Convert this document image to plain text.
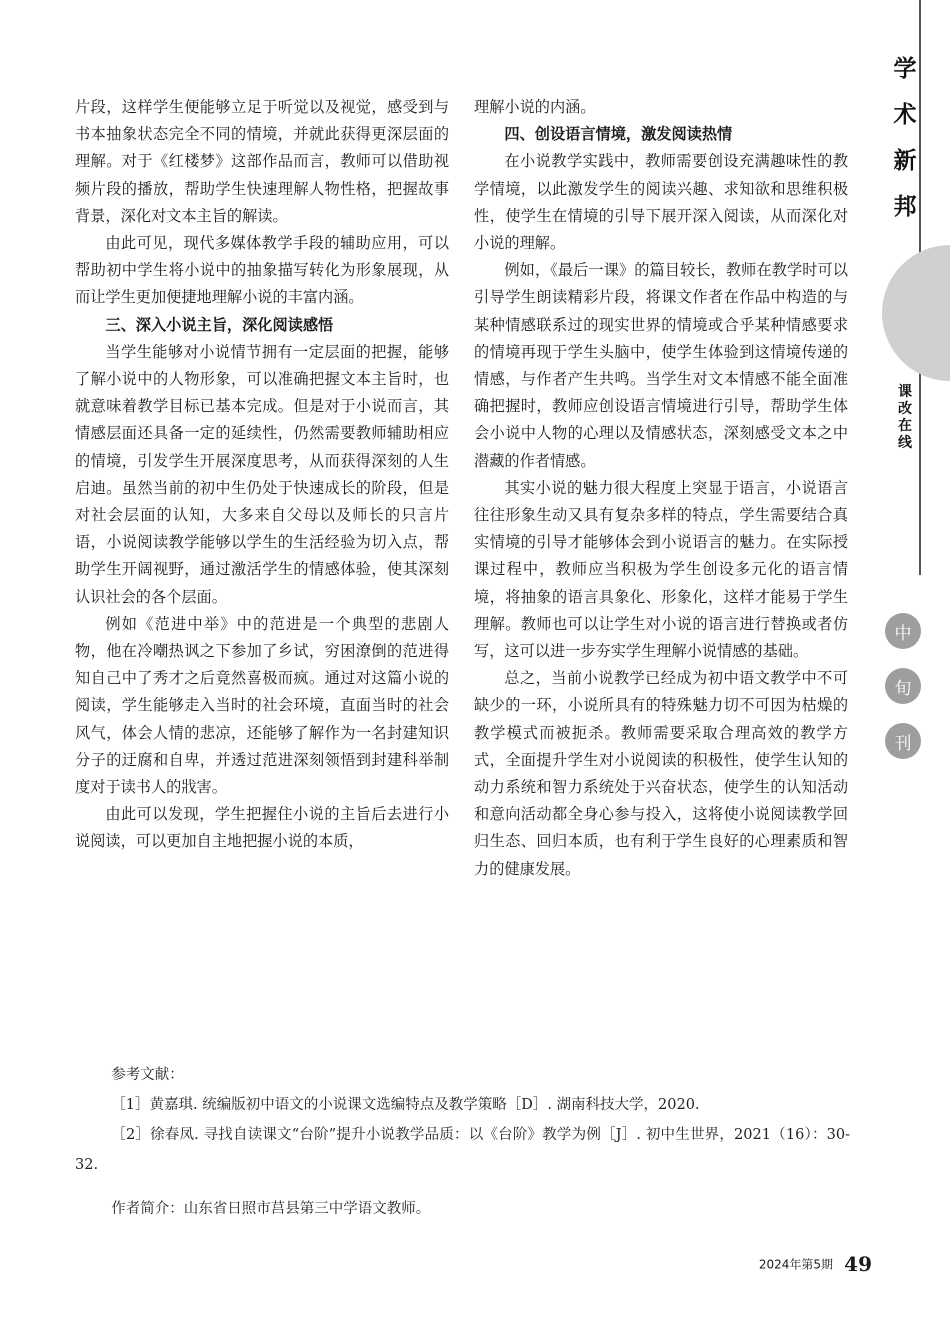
片段，这样学生便能够立足于听觉以及视觉，感受到与书本抽象状态完全不同的情境，并就此获得更深层面的理解。对于《红楼梦》这部作品而言，教师可以借助视频片段的播放，帮助学生快速理解人物性格，把握故事背景，深化对文本主旨的解读。

由此可见，现代多媒体教学手段的辅助应用，可以帮助初中学生将小说中的抽象描写转化为形象展现，从而让学生更加便捷地理解小说的丰富内涵。

三、深入小说主旨，深化阅读感悟

当学生能够对小说情节拥有一定层面的把握，能够了解小说中的人物形象，可以准确把握文本主旨时，也就意味着教学目标已基本完成。但是对于小说而言，其情感层面还具备一定的延续性，仍然需要教师辅助相应的情境，引发学生开展深度思考，从而获得深刻的人生启迪。虽然当前的初中生仍处于快速成长的阶段，但是对社会层面的认知，大多来自父母以及师长的只言片语，小说阅读教学能够以学生的生活经验为切入点，帮助学生开阔视野，通过激活学生的情感体验，使其深刻认识社会的各个层面。

例如《范进中举》中的范进是一个典型的悲剧人物，他在冷嘲热讽之下参加了乡试，穷困潦倒的范进得知自己中了秀才之后竟然喜极而疯。通过对这篇小说的阅读，学生能够走入当时的社会环境，直面当时的社会风气，体会人情的悲凉，还能够了解作为一名封建知识分子的迂腐和自卑，并透过范进深刻领悟到封建科举制度对于读书人的戕害。

由此可以发现，学生把握住小说的主旨后去进行小说阅读，可以更加自主地把握小说的本质，

理解小说的内涵。

四、创设语言情境，激发阅读热情

在小说教学实践中，教师需要创设充满趣味性的教学情境，以此激发学生的阅读兴趣、求知欲和思维积极性，使学生在情境的引导下展开深入阅读，从而深化对小说的理解。

例如，《最后一课》的篇目较长，教师在教学时可以引导学生朗读精彩片段，将课文作者在作品中构造的与某种情感联系过的现实世界的情境或合乎某种情感要求的情境再现于学生头脑中，使学生体验到这情境传递的情感，与作者产生共鸣。当学生对文本情感不能全面准确把握时，教师应创设语言情境进行引导，帮助学生体会小说中人物的心理以及情感状态，深刻感受文本之中潜藏的作者情感。

其实小说的魅力很大程度上突显于语言，小说语言往往形象生动又具有复杂多样的特点，学生需要结合真实情境的引导才能够体会到小说语言的魅力。在实际授课过程中，教师应当积极为学生创设多元化的语言情境，将抽象的语言具象化、形象化，这样才能易于学生理解。教师也可以让学生对小说的语言进行替换或者仿写，这可以进一步夯实学生理解小说情感的基础。

总之，当前小说教学已经成为初中语文教学中不可缺少的一环，小说所具有的特殊魅力切不可因为枯燥的教学模式而被扼杀。教师需要采取合理高效的教学方式，全面提升学生对小说阅读的积极性，使学生认知的动力系统和智力系统处于兴奋状态，使学生的认知活动和意向活动都全身心参与投入，这将使小说阅读教学回归生态、回归本质，也有利于学生良好的心理素质和智力的健康发展。

参考文献：

［1］黄嘉琪. 统编版初中语文的小说课文选编特点及教学策略［D］. 湖南科技大学，2020.

［2］徐春凤. 寻找自读课文“台阶”提升小说教学品质：以《台阶》教学为例［J］. 初中生世界，2021（16）：30-32.

作者简介：山东省日照市莒县第三中学语文教师。
2024年第5期 49
学
术
新
邦
课
改
在
线
中
旬
刊
